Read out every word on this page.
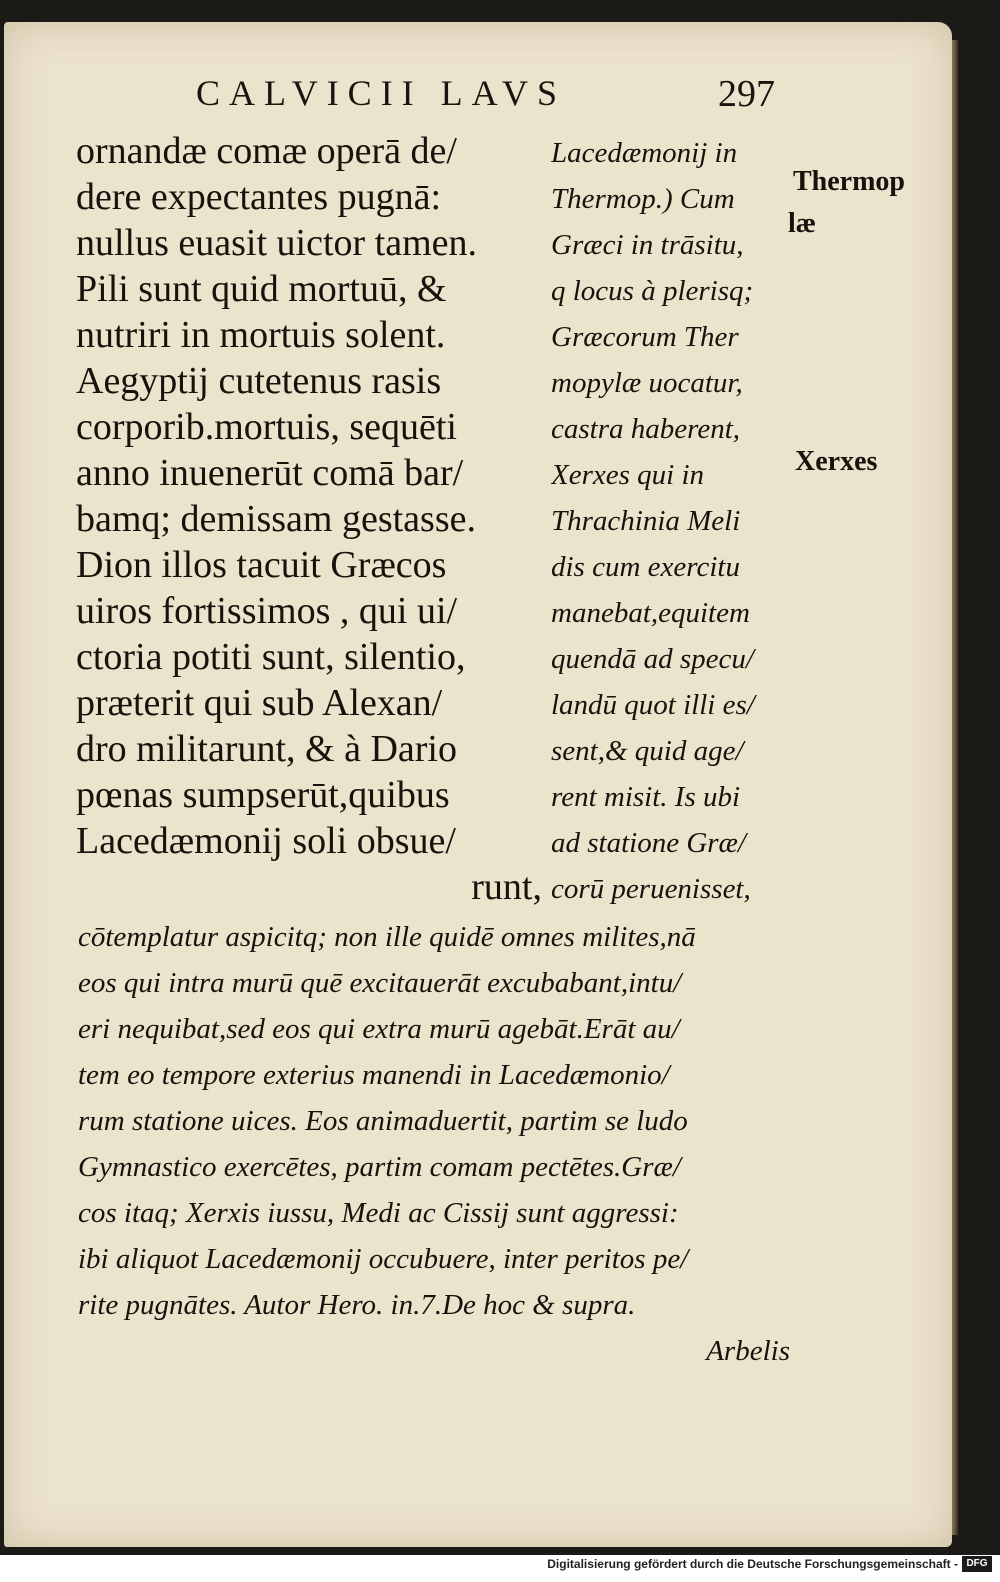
CALVICII LAVS	297
ornandæ comæ operā de/
dere expectantes pugnā:
nullus euasit uictor tamen.
Pili sunt quid mortuū, &
nutriri in mortuis solent.
Aegyptij cutetenus rasis
corporib.mortuis, sequēti
anno inuenerūt comā bar/
bamq; demissam gestasse.
Dion illos tacuit Græcos
uiros fortissimos , qui ui/
ctoria potiti sunt, silentio,
præterit qui sub Alexan/
dro militarunt, & à Dario
pœnas sumpserūt,quibus
Lacedæmonij soli obsue/
runt,
Lacedæmonij in
Thermop.) Cum
Græci in trāsitu,
q locus à plerisq;
Græcorum Ther
mopylæ uocatur,
castra haberent,
Xerxes qui in
Thrachinia Meli
dis cum exercitu
manebat,equitem
quendā ad specu/
landū quot illi es/
sent,& quid age/
rent misit. Is ubi
ad statione Græ/
corū peruenisset,
cōtemplatur aspicitq; non ille quidē omnes milites,nā
eos qui intra murū quē excitauerāt excubabant,intu/
eri nequibat,sed eos qui extra murū agebāt.Erāt au/
tem eo tempore exterius manendi in Lacedæmonio/
rum statione uices. Eos animaduertit, partim se ludo
Gymnastico exercētes, partim comam pectētes.Græ/
cos itaq; Xerxis iussu, Medi ac Cissij sunt aggressi:
ibi aliquot Lacedæmonij occubuere, inter peritos pe/
rite pugnātes. Autor Hero. in.7.De hoc & supra.
Arbelis
Thermop
læ
Xerxes
Digitalisierung gefördert durch die Deutsche Forschungsgemeinschaft - DFG
